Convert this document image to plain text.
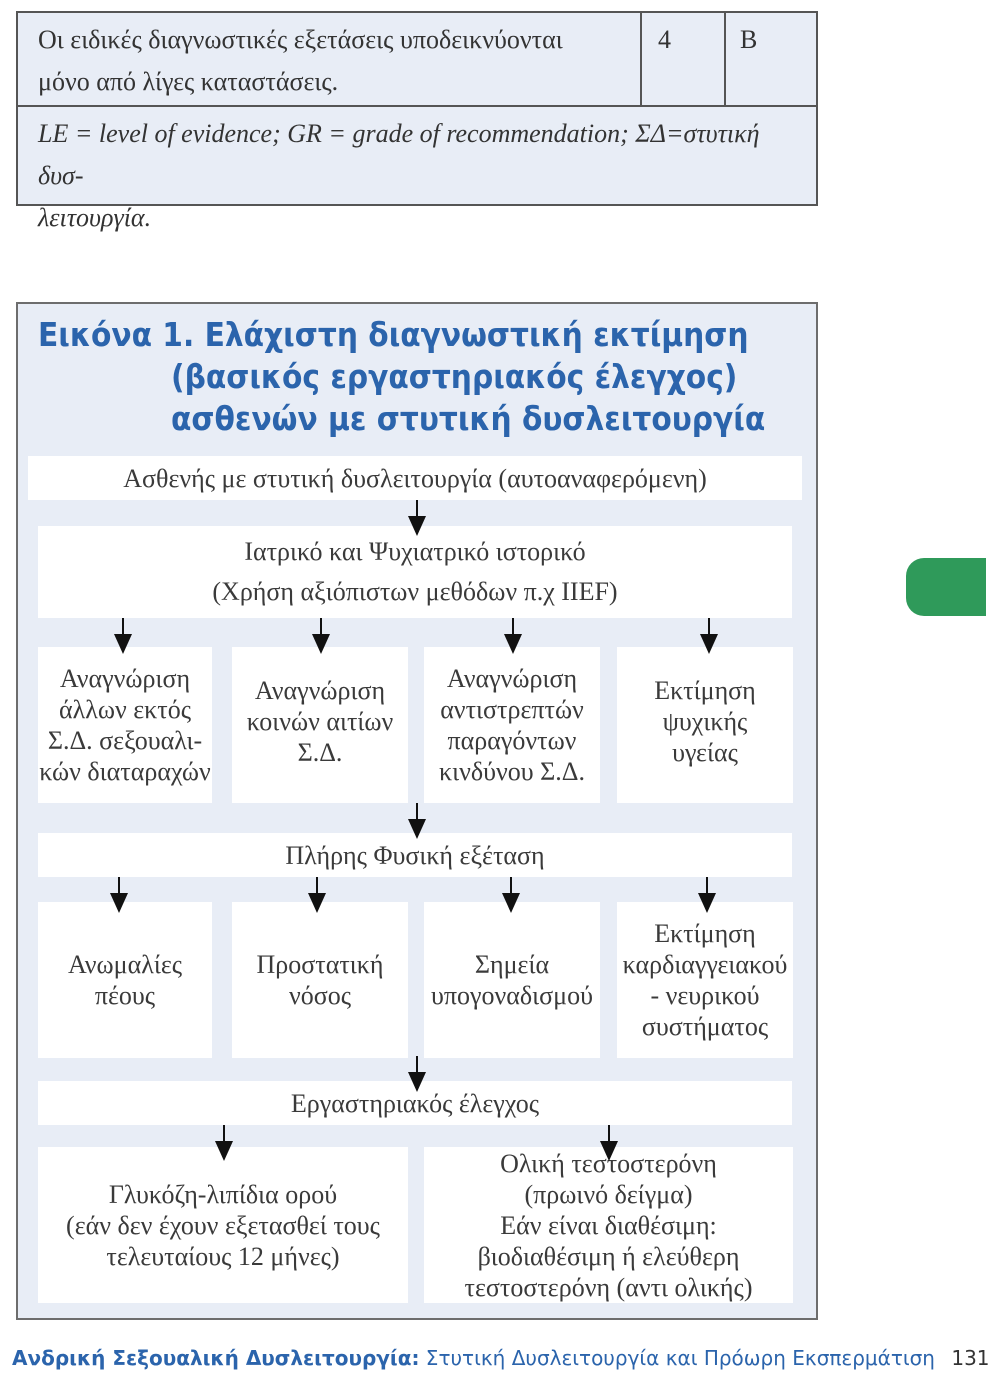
Οι ειδικές διαγνωστικές εξετάσεις υποδεικνύονται
μόνο από λίγες καταστάσεις.
4	B
LE = level of evidence; GR = grade of recommendation; ΣΔ=στυτική δυσ-
λειτουργία.
Εικόνα 1. Ελάχιστη διαγνωστική εκτίμηση
(βασικός εργαστηριακός έλεγχος)
ασθενών με στυτική δυσλειτουργία
Ασθενής με στυτική δυσλειτουργία (αυτοαναφερόμενη)
Ιατρικό και Ψυχιατρικό ιστορικό
(Χρήση αξιόπιστων μεθόδων π.χ IIEF)
Αναγνώριση
άλλων εκτός
Σ.Δ. σεξουαλι-
κών διαταραχών
Αναγνώριση
κοινών αιτίων
Σ.Δ.
Αναγνώριση
αντιστρεπτών
παραγόντων
κινδύνου Σ.Δ.
Εκτίμηση
ψυχικής
υγείας
Πλήρης Φυσική εξέταση
Ανωμαλίες
πέους
Προστατική
νόσος
Σημεία
υπογοναδισμού
Εκτίμηση
καρδιαγγειακού
- νευρικού
συστήματος
Εργαστηριακός έλεγχος
Γλυκόζη-λιπίδια ορού
(εάν δεν έχουν εξετασθεί τους
τελευταίους 12 μήνες)
Ολική τεστοστερόνη
(πρωινό δείγμα)
Εάν είναι διαθέσιμη:
βιοδιαθέσιμη ή ελεύθερη
τεστοστερόνη (αντι ολικής)
Ανδρική Σεξουαλική Δυσλειτουργία: Στυτική Δυσλειτουργία και Πρόωρη Εκσπερμάτιση 131
